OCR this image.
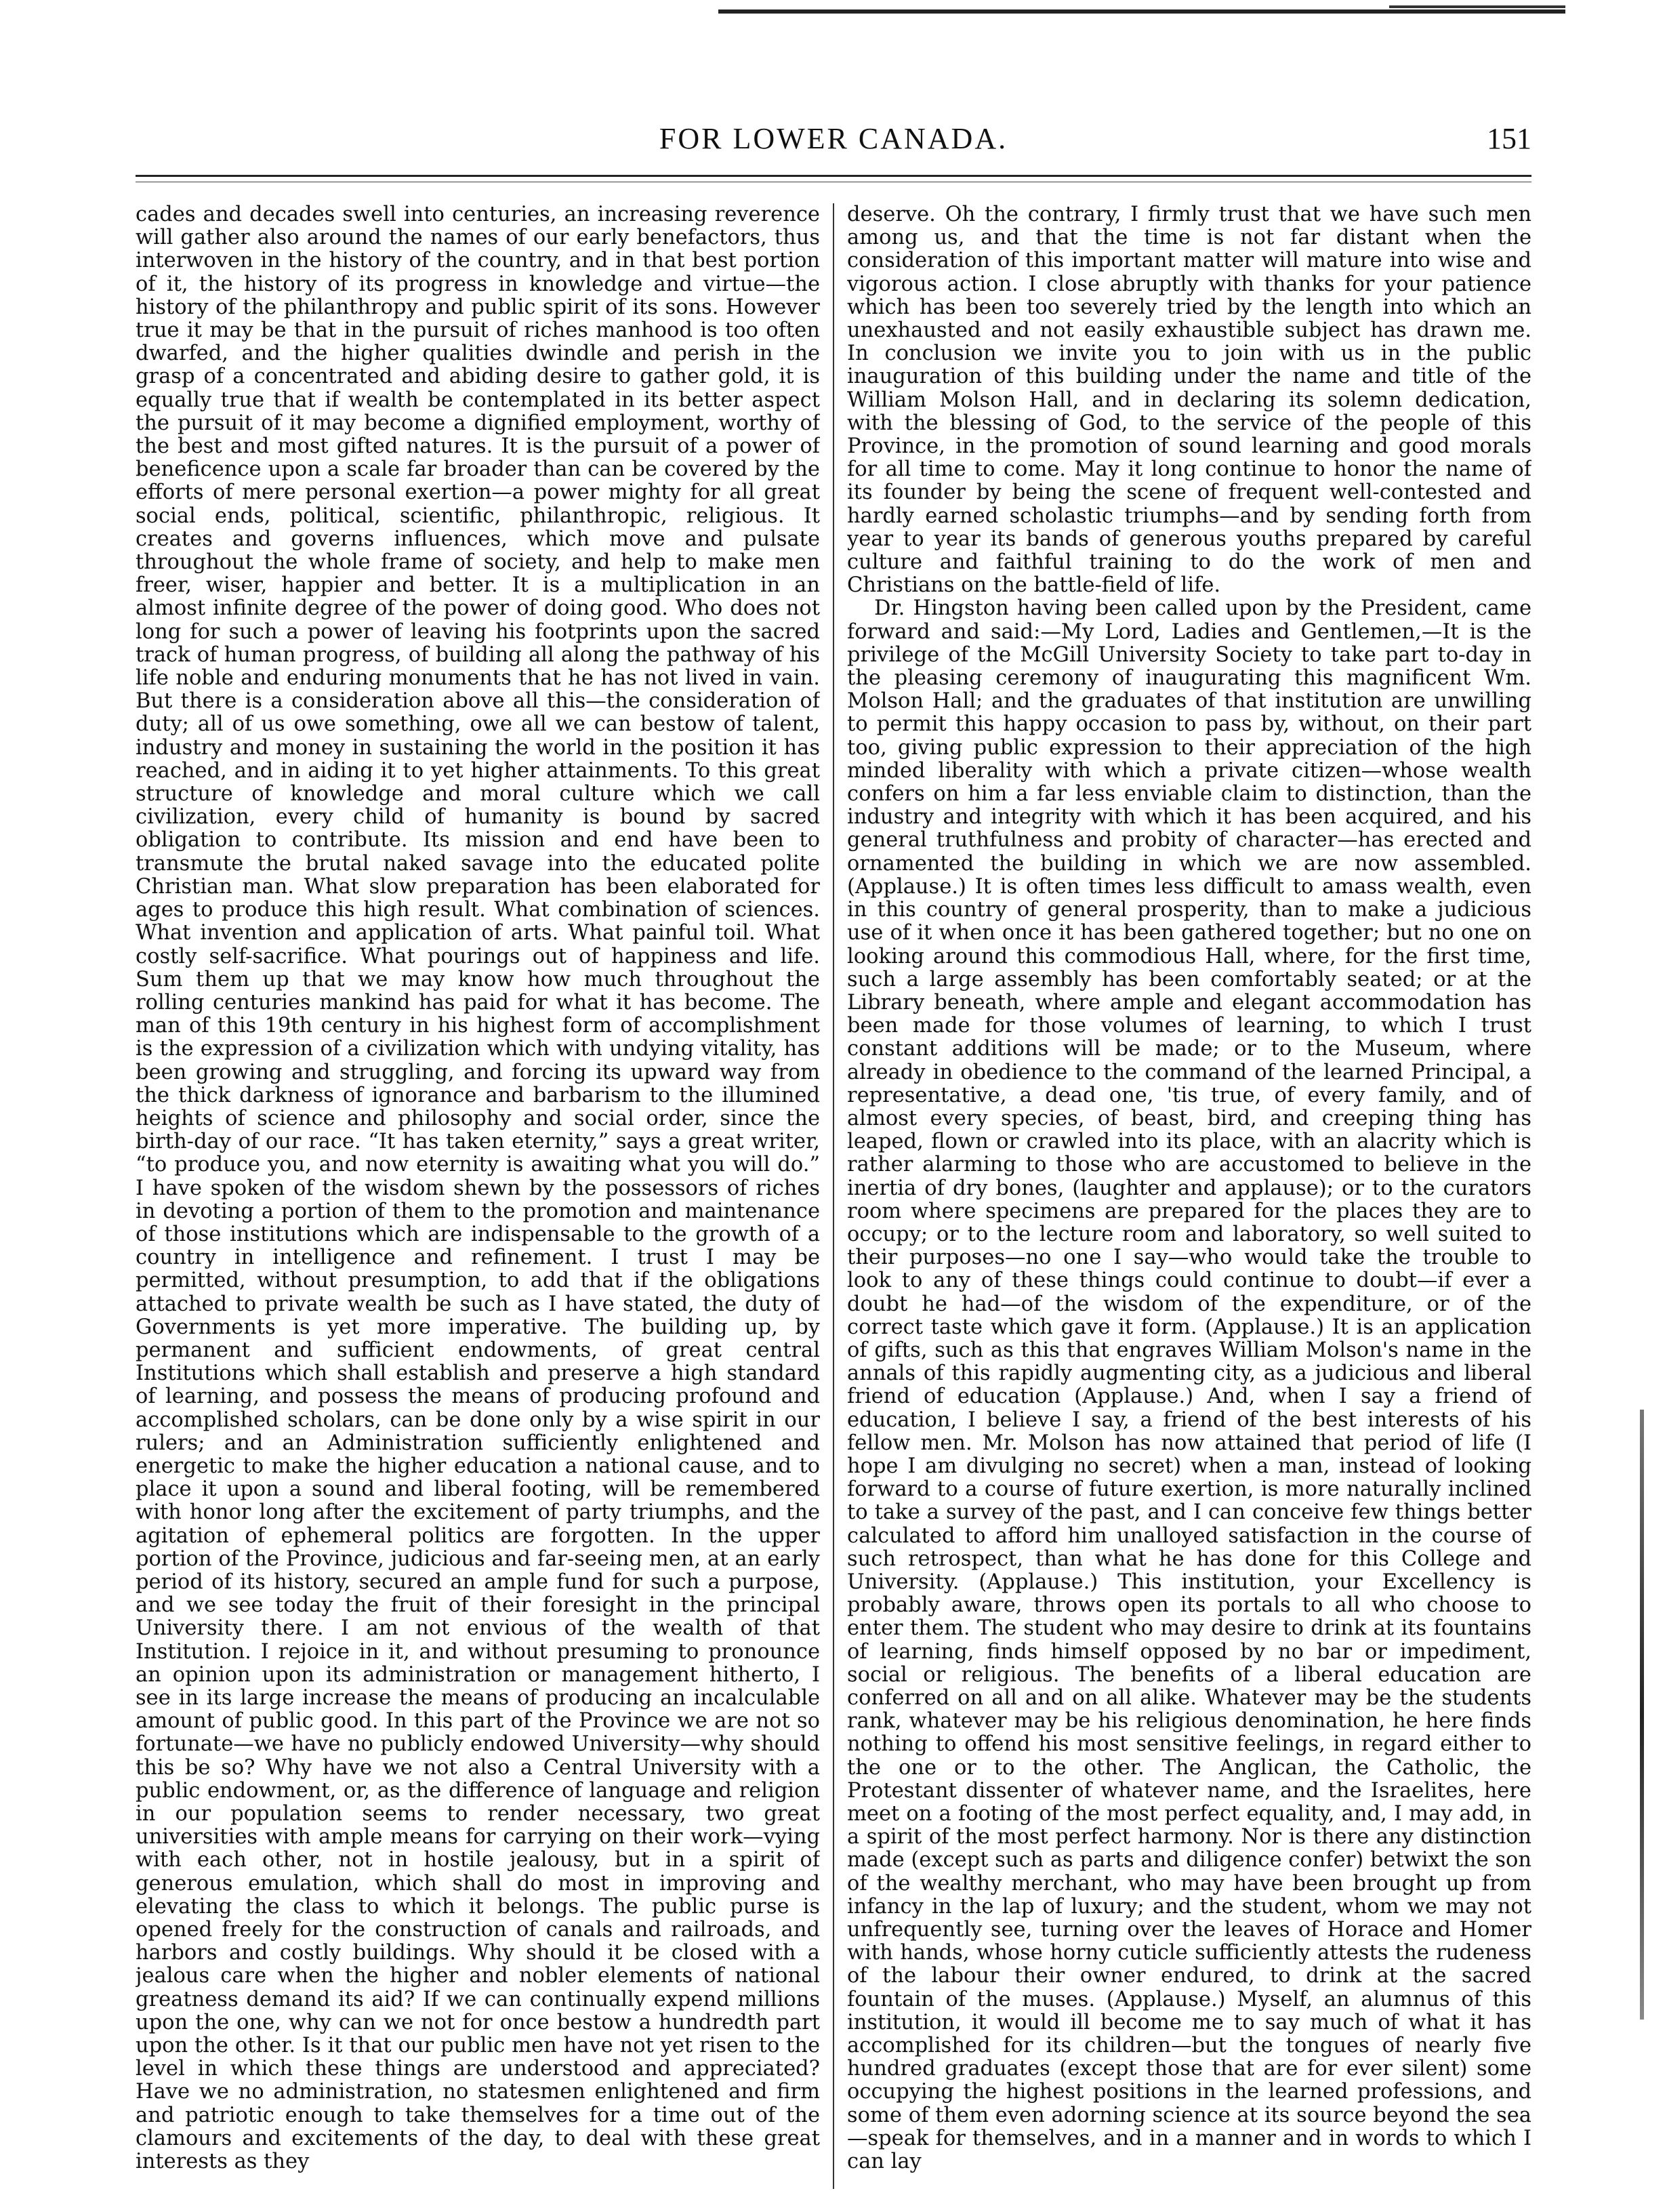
FOR LOWER CANADA.	151

cades and decades swell into centuries, an increasing reverence will gather also around the names of our early benefactors, thus interwoven in the history of the country, and in that best portion of it, the history of its progress in knowledge and virtue—the history of the philanthropy and public spirit of its sons. However true it may be that in the pursuit of riches manhood is too often dwarfed, and the higher qualities dwindle and perish in the grasp of a concentrated and abiding desire to gather gold, it is equally true that if wealth be contemplated in its better aspect the pursuit of it may become a dignified employment, worthy of the best and most gifted natures. It is the pursuit of a power of beneficence upon a scale far broader than can be covered by the efforts of mere personal exertion—a power mighty for all great social ends, political, scientific, philanthropic, religious. It creates and governs influences, which move and pulsate throughout the whole frame of society, and help to make men freer, wiser, happier and better. It is a multiplication in an almost infinite degree of the power of doing good. Who does not long for such a power of leaving his footprints upon the sacred track of human progress, of building all along the pathway of his life noble and enduring monuments that he has not lived in vain. But there is a consideration above all this—the consideration of duty; all of us owe something, owe all we can bestow of talent, industry and money in sustaining the world in the position it has reached, and in aiding it to yet higher attainments. To this great structure of knowledge and moral culture which we call civilization, every child of humanity is bound by sacred obligation to contribute. Its mission and end have been to transmute the brutal naked savage into the educated polite Christian man. What slow preparation has been elaborated for ages to produce this high result. What combination of sciences. What invention and application of arts. What painful toil. What costly self-sacrifice. What pourings out of happiness and life. Sum them up that we may know how much throughout the rolling centuries mankind has paid for what it has become. The man of this 19th century in his highest form of accomplishment is the expression of a civilization which with undying vitality, has been growing and struggling, and forcing its upward way from the thick darkness of ignorance and barbarism to the illumined heights of science and philosophy and social order, since the birth-day of our race. “It has taken eternity,” says a great writer, “to produce you, and now eternity is awaiting what you will do.” I have spoken of the wisdom shewn by the possessors of riches in devoting a portion of them to the promotion and maintenance of those institutions which are indispensable to the growth of a country in intelligence and refinement. I trust I may be permitted, without presumption, to add that if the obligations attached to private wealth be such as I have stated, the duty of Governments is yet more imperative. The building up, by permanent and sufficient endowments, of great central Institutions which shall establish and preserve a high standard of learning, and possess the means of producing profound and accomplished scholars, can be done only by a wise spirit in our rulers; and an Administration sufficiently enlightened and energetic to make the higher education a national cause, and to place it upon a sound and liberal footing, will be remembered with honor long after the excitement of party triumphs, and the agitation of ephemeral politics are forgotten. In the upper portion of the Province, judicious and far-seeing men, at an early period of its history, secured an ample fund for such a purpose, and we see today the fruit of their foresight in the principal University there. I am not envious of the wealth of that Institution. I rejoice in it, and without presuming to pronounce an opinion upon its administration or management hitherto, I see in its large increase the means of producing an incalculable amount of public good. In this part of the Province we are not so fortunate—we have no publicly endowed University—why should this be so? Why have we not also a Central University with a public endowment, or, as the difference of language and religion in our population seems to render necessary, two great universities with ample means for carrying on their work—vying with each other, not in hostile jealousy, but in a spirit of generous emulation, which shall do most in improving and elevating the class to which it belongs. The public purse is opened freely for the construction of canals and railroads, and harbors and costly buildings. Why should it be closed with a jealous care when the higher and nobler elements of national greatness demand its aid? If we can continually expend millions upon the one, why can we not for once bestow a hundredth part upon the other. Is it that our public men have not yet risen to the level in which these things are understood and appreciated? Have we no administration, no statesmen enlightened and firm and patriotic enough to take themselves for a time out of the clamours and excitements of the day, to deal with these great interests as they

deserve. Oh the contrary, I firmly trust that we have such men among us, and that the time is not far distant when the consideration of this important matter will mature into wise and vigorous action. I close abruptly with thanks for your patience which has been too severely tried by the length into which an unexhausted and not easily exhaustible subject has drawn me. In conclusion we invite you to join with us in the public inauguration of this building under the name and title of the William Molson Hall, and in declaring its solemn dedication, with the blessing of God, to the service of the people of this Province, in the promotion of sound learning and good morals for all time to come. May it long continue to honor the name of its founder by being the scene of frequent well-contested and hardly earned scholastic triumphs—and by sending forth from year to year its bands of generous youths prepared by careful culture and faithful training to do the work of men and Christians on the battle-field of life.

Dr. Hingston having been called upon by the President, came forward and said:—My Lord, Ladies and Gentlemen,—It is the privilege of the McGill University Society to take part to-day in the pleasing ceremony of inaugurating this magnificent Wm. Molson Hall; and the graduates of that institution are unwilling to permit this happy occasion to pass by, without, on their part too, giving public expression to their appreciation of the high minded liberality with which a private citizen—whose wealth confers on him a far less enviable claim to distinction, than the industry and integrity with which it has been acquired, and his general truthfulness and probity of character—has erected and ornamented the building in which we are now assembled. (Applause.) It is often times less difficult to amass wealth, even in this country of general prosperity, than to make a judicious use of it when once it has been gathered together; but no one on looking around this commodious Hall, where, for the first time, such a large assembly has been comfortably seated; or at the Library beneath, where ample and elegant accommodation has been made for those volumes of learning, to which I trust constant additions will be made; or to the Museum, where already in obedience to the command of the learned Principal, a representative, a dead one, 'tis true, of every family, and of almost every species, of beast, bird, and creeping thing has leaped, flown or crawled into its place, with an alacrity which is rather alarming to those who are accustomed to believe in the inertia of dry bones, (laughter and applause); or to the curators room where specimens are prepared for the places they are to occupy; or to the lecture room and laboratory, so well suited to their purposes—no one I say—who would take the trouble to look to any of these things could continue to doubt—if ever a doubt he had—of the wisdom of the expenditure, or of the correct taste which gave it form. (Applause.) It is an application of gifts, such as this that engraves William Molson's name in the annals of this rapidly augmenting city, as a judicious and liberal friend of education (Applause.) And, when I say a friend of education, I believe I say, a friend of the best interests of his fellow men. Mr. Molson has now attained that period of life (I hope I am divulging no secret) when a man, instead of looking forward to a course of future exertion, is more naturally inclined to take a survey of the past, and I can conceive few things better calculated to afford him unalloyed satisfaction in the course of such retrospect, than what he has done for this College and University. (Applause.) This institution, your Excellency is probably aware, throws open its portals to all who choose to enter them. The student who may desire to drink at its fountains of learning, finds himself opposed by no bar or impediment, social or religious. The benefits of a liberal education are conferred on all and on all alike. Whatever may be the students rank, whatever may be his religious denomination, he here finds nothing to offend his most sensitive feelings, in regard either to the one or to the other. The Anglican, the Catholic, the Protestant dissenter of whatever name, and the Israelites, here meet on a footing of the most perfect equality, and, I may add, in a spirit of the most perfect harmony. Nor is there any distinction made (except such as parts and diligence confer) betwixt the son of the wealthy merchant, who may have been brought up from infancy in the lap of luxury; and the student, whom we may not unfrequently see, turning over the leaves of Horace and Homer with hands, whose horny cuticle sufficiently attests the rudeness of the labour their owner endured, to drink at the sacred fountain of the muses. (Applause.) Myself, an alumnus of this institution, it would ill become me to say much of what it has accomplished for its children—but the tongues of nearly five hundred graduates (except those that are for ever silent) some occupying the highest positions in the learned professions, and some of them even adorning science at its source beyond the sea—speak for themselves, and in a manner and in words to which I can lay
